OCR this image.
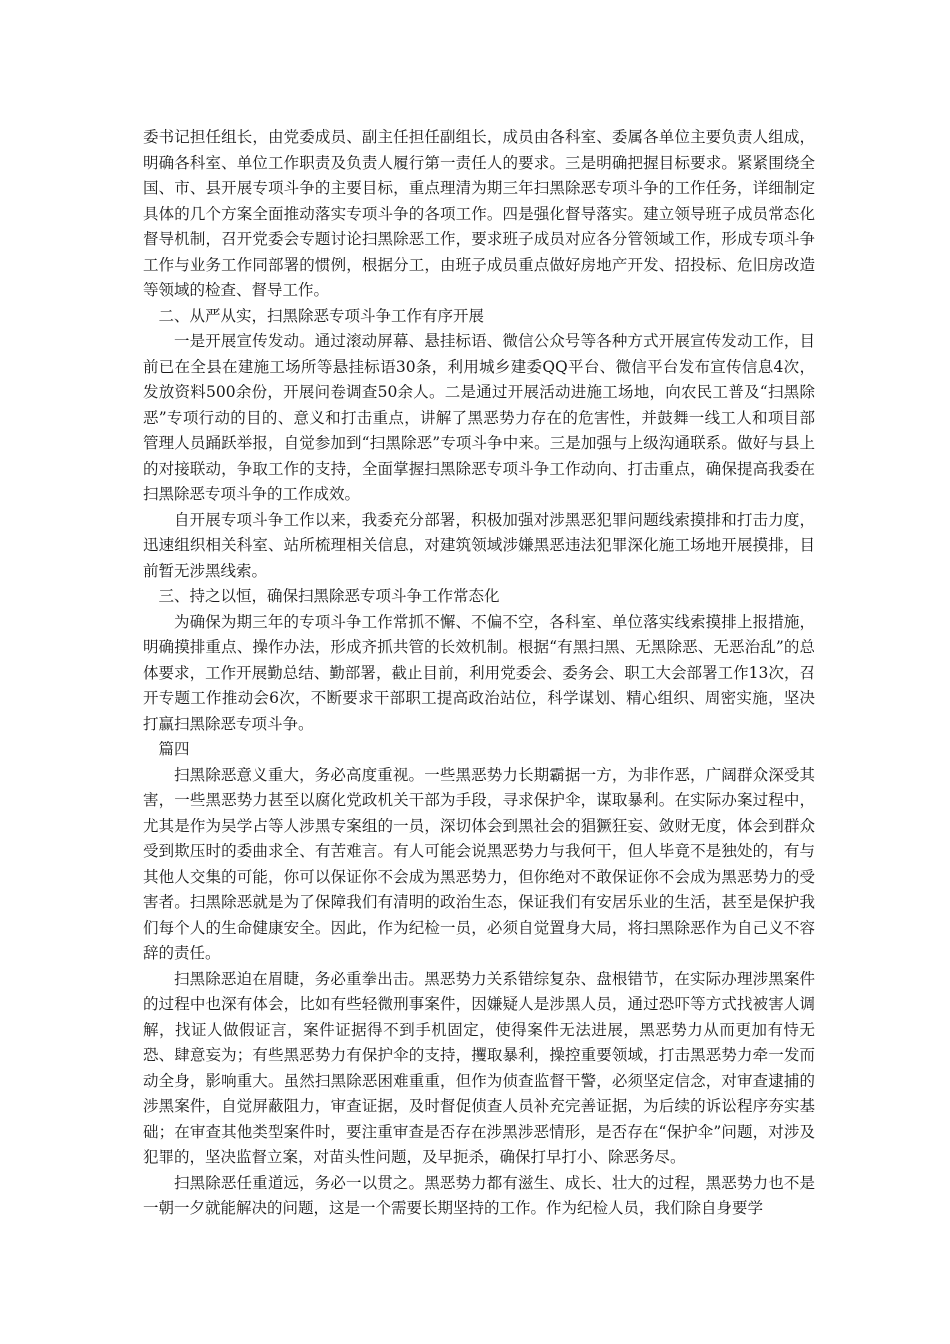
委书记担任组长，由党委成员、副主任担任副组长，成员由各科室、委属各单位主要负责人组成，明确各科室、单位工作职责及负责人履行第一责任人的要求。三是明确把握目标要求。紧紧围绕全国、市、县开展专项斗争的主要目标，重点理清为期三年扫黑除恶专项斗争的工作任务，详细制定具体的几个方案全面推动落实专项斗争的各项工作。四是强化督导落实。建立领导班子成员常态化督导机制，召开党委会专题讨论扫黑除恶工作，要求班子成员对应各分管领域工作，形成专项斗争工作与业务工作同部署的惯例，根据分工，由班子成员重点做好房地产开发、招投标、危旧房改造等领域的检查、督导工作。

二、从严从实，扫黑除恶专项斗争工作有序开展

一是开展宣传发动。通过滚动屏幕、悬挂标语、微信公众号等各种方式开展宣传发动工作，目前已在全县在建施工场所等悬挂标语30条，利用城乡建委QQ平台、微信平台发布宣传信息4次，发放资料500余份，开展问卷调查50余人。二是通过开展活动进施工场地，向农民工普及“扫黑除恶”专项行动的目的、意义和打击重点，讲解了黑恶势力存在的危害性，并鼓舞一线工人和项目部管理人员踊跃举报，自觉参加到“扫黑除恶”专项斗争中来。三是加强与上级沟通联系。做好与县上的对接联动，争取工作的支持，全面掌握扫黑除恶专项斗争工作动向、打击重点，确保提高我委在扫黑除恶专项斗争的工作成效。

自开展专项斗争工作以来，我委充分部署，积极加强对涉黑恶犯罪问题线索摸排和打击力度，迅速组织相关科室、站所梳理相关信息，对建筑领域涉嫌黑恶违法犯罪深化施工场地开展摸排，目前暂无涉黑线索。

三、持之以恒，确保扫黑除恶专项斗争工作常态化

为确保为期三年的专项斗争工作常抓不懈、不偏不空，各科室、单位落实线索摸排上报措施，明确摸排重点、操作办法，形成齐抓共管的长效机制。根据“有黑扫黑、无黑除恶、无恶治乱”的总体要求，工作开展勤总结、勤部署，截止目前，利用党委会、委务会、职工大会部署工作13次，召开专题工作推动会6次，不断要求干部职工提高政治站位，科学谋划、精心组织、周密实施，坚决打赢扫黑除恶专项斗争。

篇四

扫黑除恶意义重大，务必高度重视。一些黑恶势力长期霸据一方，为非作恶，广阔群众深受其害，一些黑恶势力甚至以腐化党政机关干部为手段，寻求保护伞，谋取暴利。在实际办案过程中，尤其是作为吴学占等人涉黑专案组的一员，深切体会到黑社会的猖獗狂妄、敛财无度，体会到群众受到欺压时的委曲求全、有苦难言。有人可能会说黑恶势力与我何干，但人毕竟不是独处的，有与其他人交集的可能，你可以保证你不会成为黑恶势力，但你绝对不敢保证你不会成为黑恶势力的受害者。扫黑除恶就是为了保障我们有清明的政治生态，保证我们有安居乐业的生活，甚至是保护我们每个人的生命健康安全。因此，作为纪检一员，必须自觉置身大局，将扫黑除恶作为自己义不容辞的责任。

扫黑除恶迫在眉睫，务必重拳出击。黑恶势力关系错综复杂、盘根错节，在实际办理涉黑案件的过程中也深有体会，比如有些轻微刑事案件，因嫌疑人是涉黑人员，通过恐吓等方式找被害人调解，找证人做假证言，案件证据得不到手机固定，使得案件无法进展，黑恶势力从而更加有恃无恐、肆意妄为；有些黑恶势力有保护伞的支持，攫取暴利，操控重要领域，打击黑恶势力牵一发而动全身，影响重大。虽然扫黑除恶困难重重，但作为侦查监督干警，必须坚定信念，对审查逮捕的涉黑案件，自觉屏蔽阻力，审查证据，及时督促侦查人员补充完善证据，为后续的诉讼程序夯实基础；在审查其他类型案件时，要注重审查是否存在涉黑涉恶情形，是否存在“保护伞”问题，对涉及犯罪的，坚决监督立案，对苗头性问题，及早扼杀，确保打早打小、除恶务尽。

扫黑除恶任重道远，务必一以贯之。黑恶势力都有滋生、成长、壮大的过程，黑恶势力也不是一朝一夕就能解决的问题，这是一个需要长期坚持的工作。作为纪检人员，我们除自身要学
